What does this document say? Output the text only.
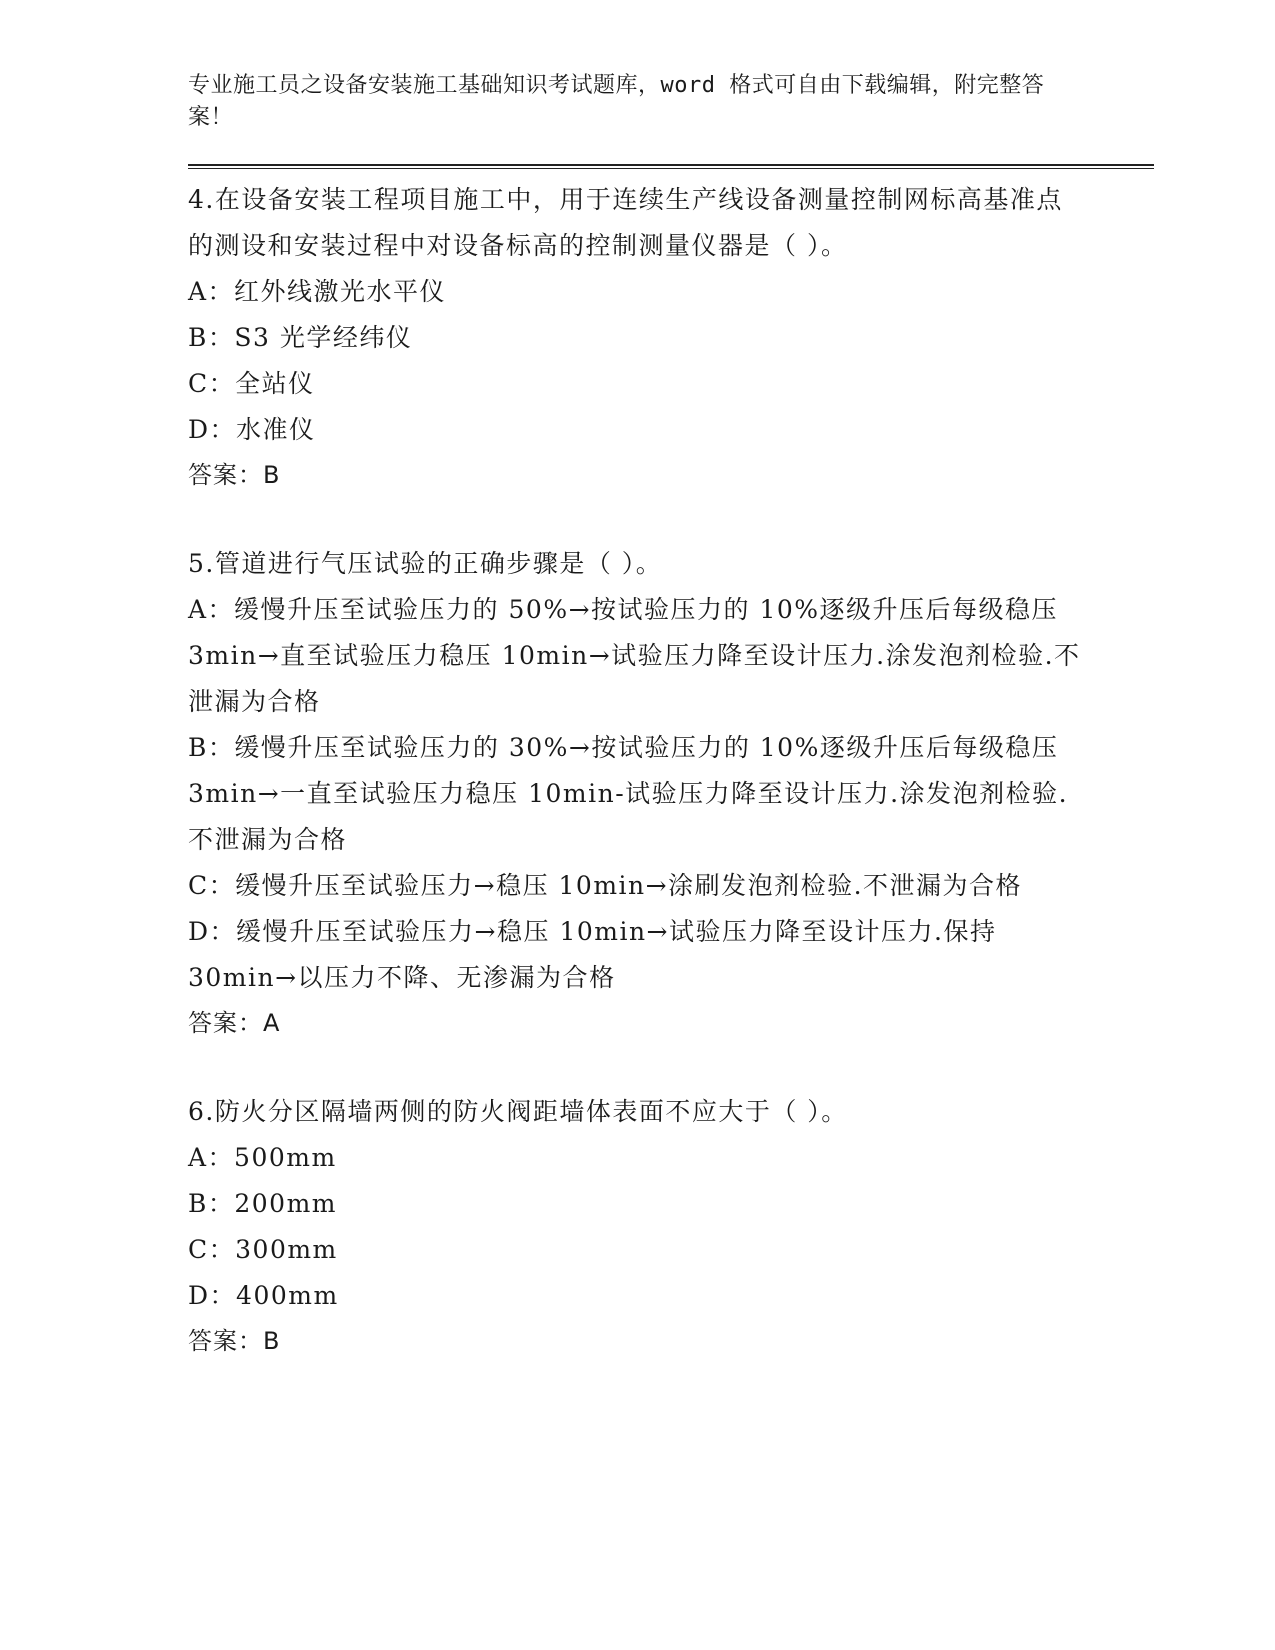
专业施工员之设备安装施工基础知识考试题库，word 格式可自由下载编辑，附完整答案！
4.在设备安装工程项目施工中，用于连续生产线设备测量控制网标高基准点的测设和安装过程中对设备标高的控制测量仪器是（ ）。
A：红外线激光水平仪
B：S3 光学经纬仪
C：全站仪
D：水准仪
答案：B
5.管道进行气压试验的正确步骤是（ ）。
A：缓慢升压至试验压力的 50%→按试验压力的 10%逐级升压后每级稳压 3min→直至试验压力稳压 10min→试验压力降至设计压力.涂发泡剂检验.不泄漏为合格
B：缓慢升压至试验压力的 30%→按试验压力的 10%逐级升压后每级稳压 3min→一直至试验压力稳压 10min-试验压力降至设计压力.涂发泡剂检验.不泄漏为合格
C：缓慢升压至试验压力→稳压 10min→涂刷发泡剂检验.不泄漏为合格
D：缓慢升压至试验压力→稳压 10min→试验压力降至设计压力.保持 30min→以压力不降、无渗漏为合格
答案：A
6.防火分区隔墙两侧的防火阀距墙体表面不应大于（ ）。
A：500mm
B：200mm
C：300mm
D：400mm
答案：B
